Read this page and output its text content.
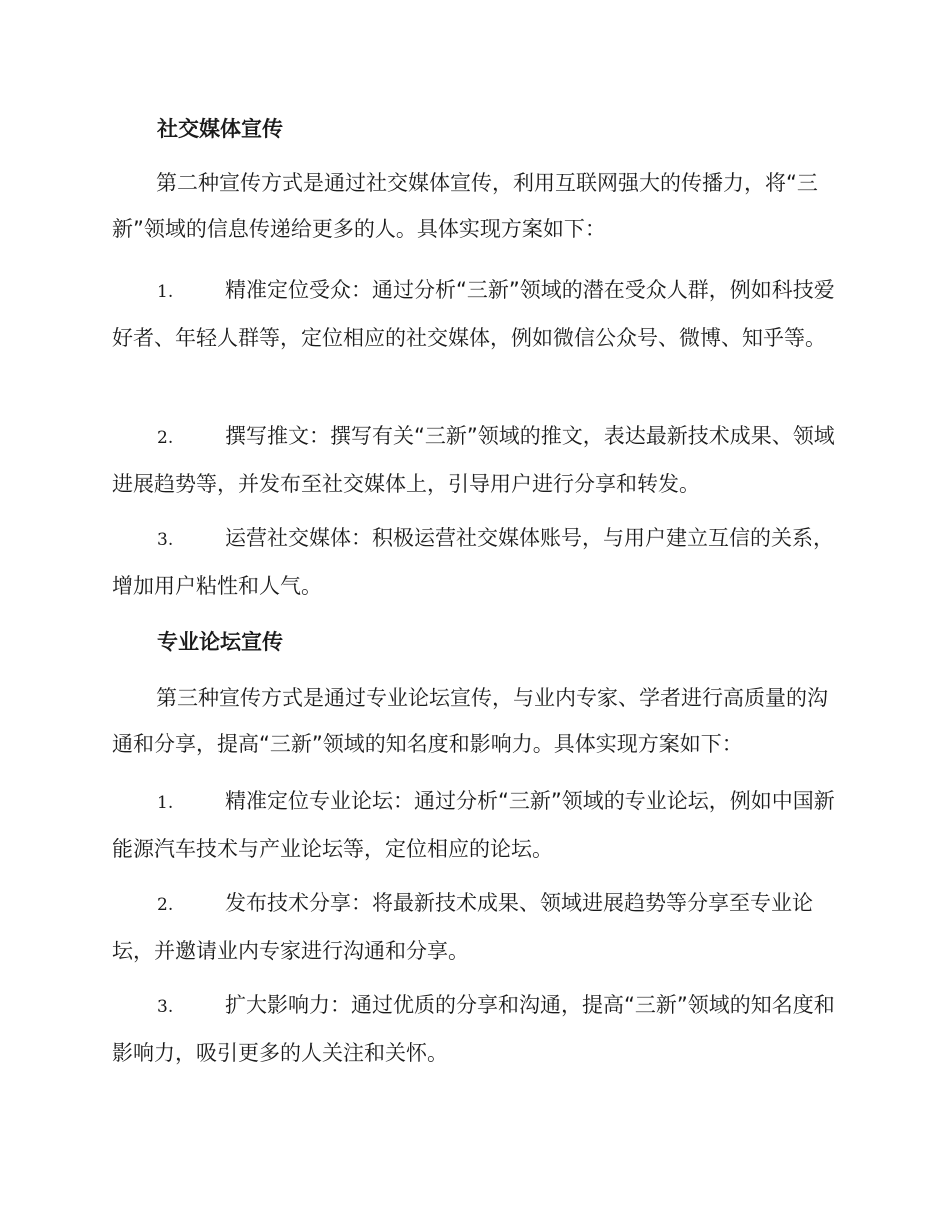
社交媒体宣传
第二种宣传方式是通过社交媒体宣传，利用互联网强大的传播力，将“三新”领域的信息传递给更多的人。具体实现方案如下：
1. 精准定位受众：通过分析“三新”领域的潜在受众人群，例如科技爱好者、年轻人群等，定位相应的社交媒体，例如微信公众号、微博、知乎等。
2. 撰写推文：撰写有关“三新”领域的推文，表达最新技术成果、领域进展趋势等，并发布至社交媒体上，引导用户进行分享和转发。
3. 运营社交媒体：积极运营社交媒体账号，与用户建立互信的关系，增加用户粘性和人气。
专业论坛宣传
第三种宣传方式是通过专业论坛宣传，与业内专家、学者进行高质量的沟通和分享，提高“三新”领域的知名度和影响力。具体实现方案如下：
1. 精准定位专业论坛：通过分析“三新”领域的专业论坛，例如中国新能源汽车技术与产业论坛等，定位相应的论坛。
2. 发布技术分享：将最新技术成果、领域进展趋势等分享至专业论坛，并邀请业内专家进行沟通和分享。
3. 扩大影响力：通过优质的分享和沟通，提高“三新”领域的知名度和影响力，吸引更多的人关注和关怀。
